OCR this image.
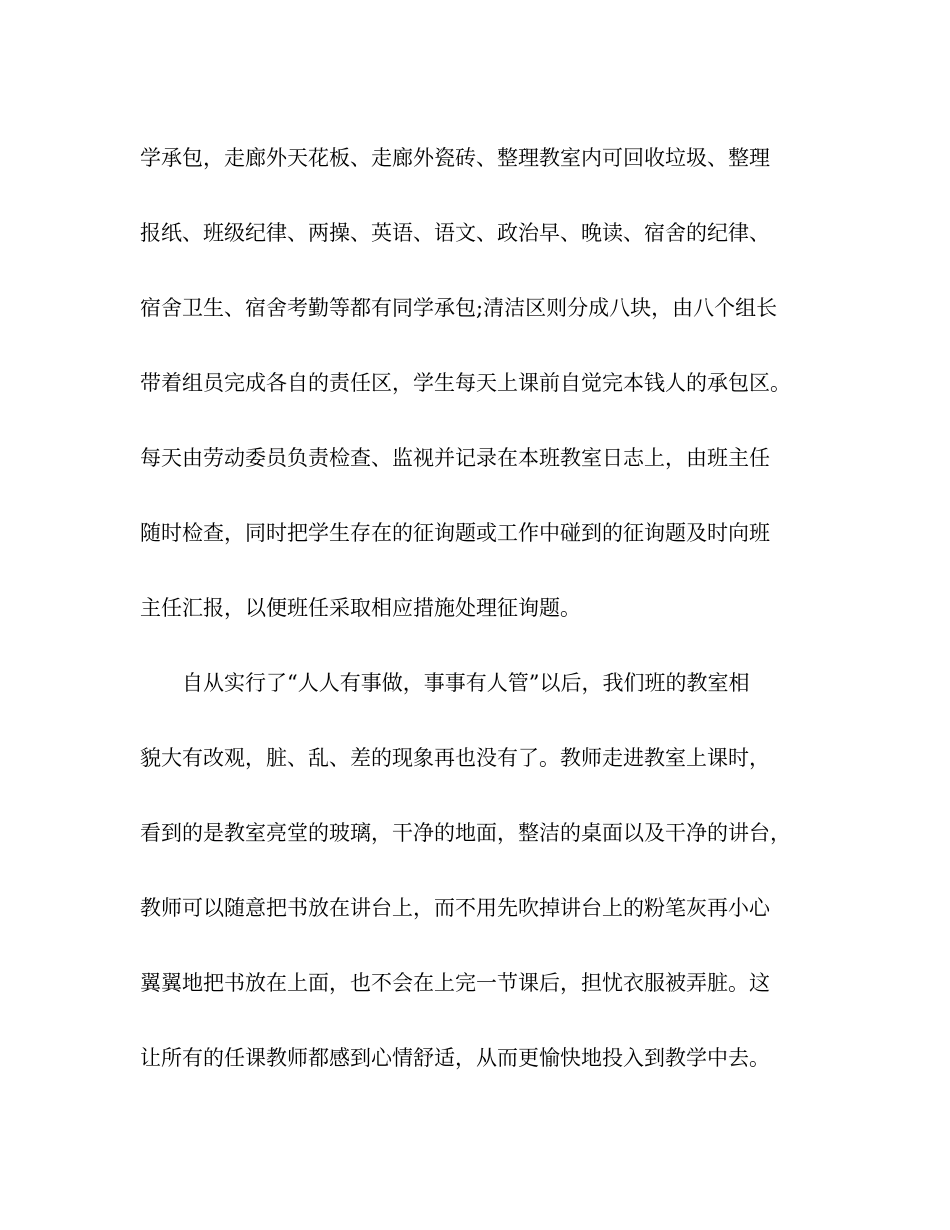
学承包，走廊外天花板、走廊外瓷砖、整理教室内可回收垃圾、整理
报纸、班级纪律、两操、英语、语文、政治早、晚读、宿舍的纪律、
宿舍卫生、宿舍考勤等都有同学承包;清洁区则分成八块，由八个组长
带着组员完成各自的责任区，学生每天上课前自觉完本钱人的承包区。
每天由劳动委员负责检查、监视并记录在本班教室日志上，由班主任
随时检查，同时把学生存在的征询题或工作中碰到的征询题及时向班
主任汇报，以便班任采取相应措施处理征询题。
　　自从实行了“人人有事做，事事有人管”以后，我们班的教室相
貌大有改观，脏、乱、差的现象再也没有了。教师走进教室上课时，
看到的是教室亮堂的玻璃，干净的地面，整洁的桌面以及干净的讲台，
教师可以随意把书放在讲台上，而不用先吹掉讲台上的粉笔灰再小心
翼翼地把书放在上面，也不会在上完一节课后，担忧衣服被弄脏。这
让所有的任课教师都感到心情舒适，从而更愉快地投入到教学中去。
